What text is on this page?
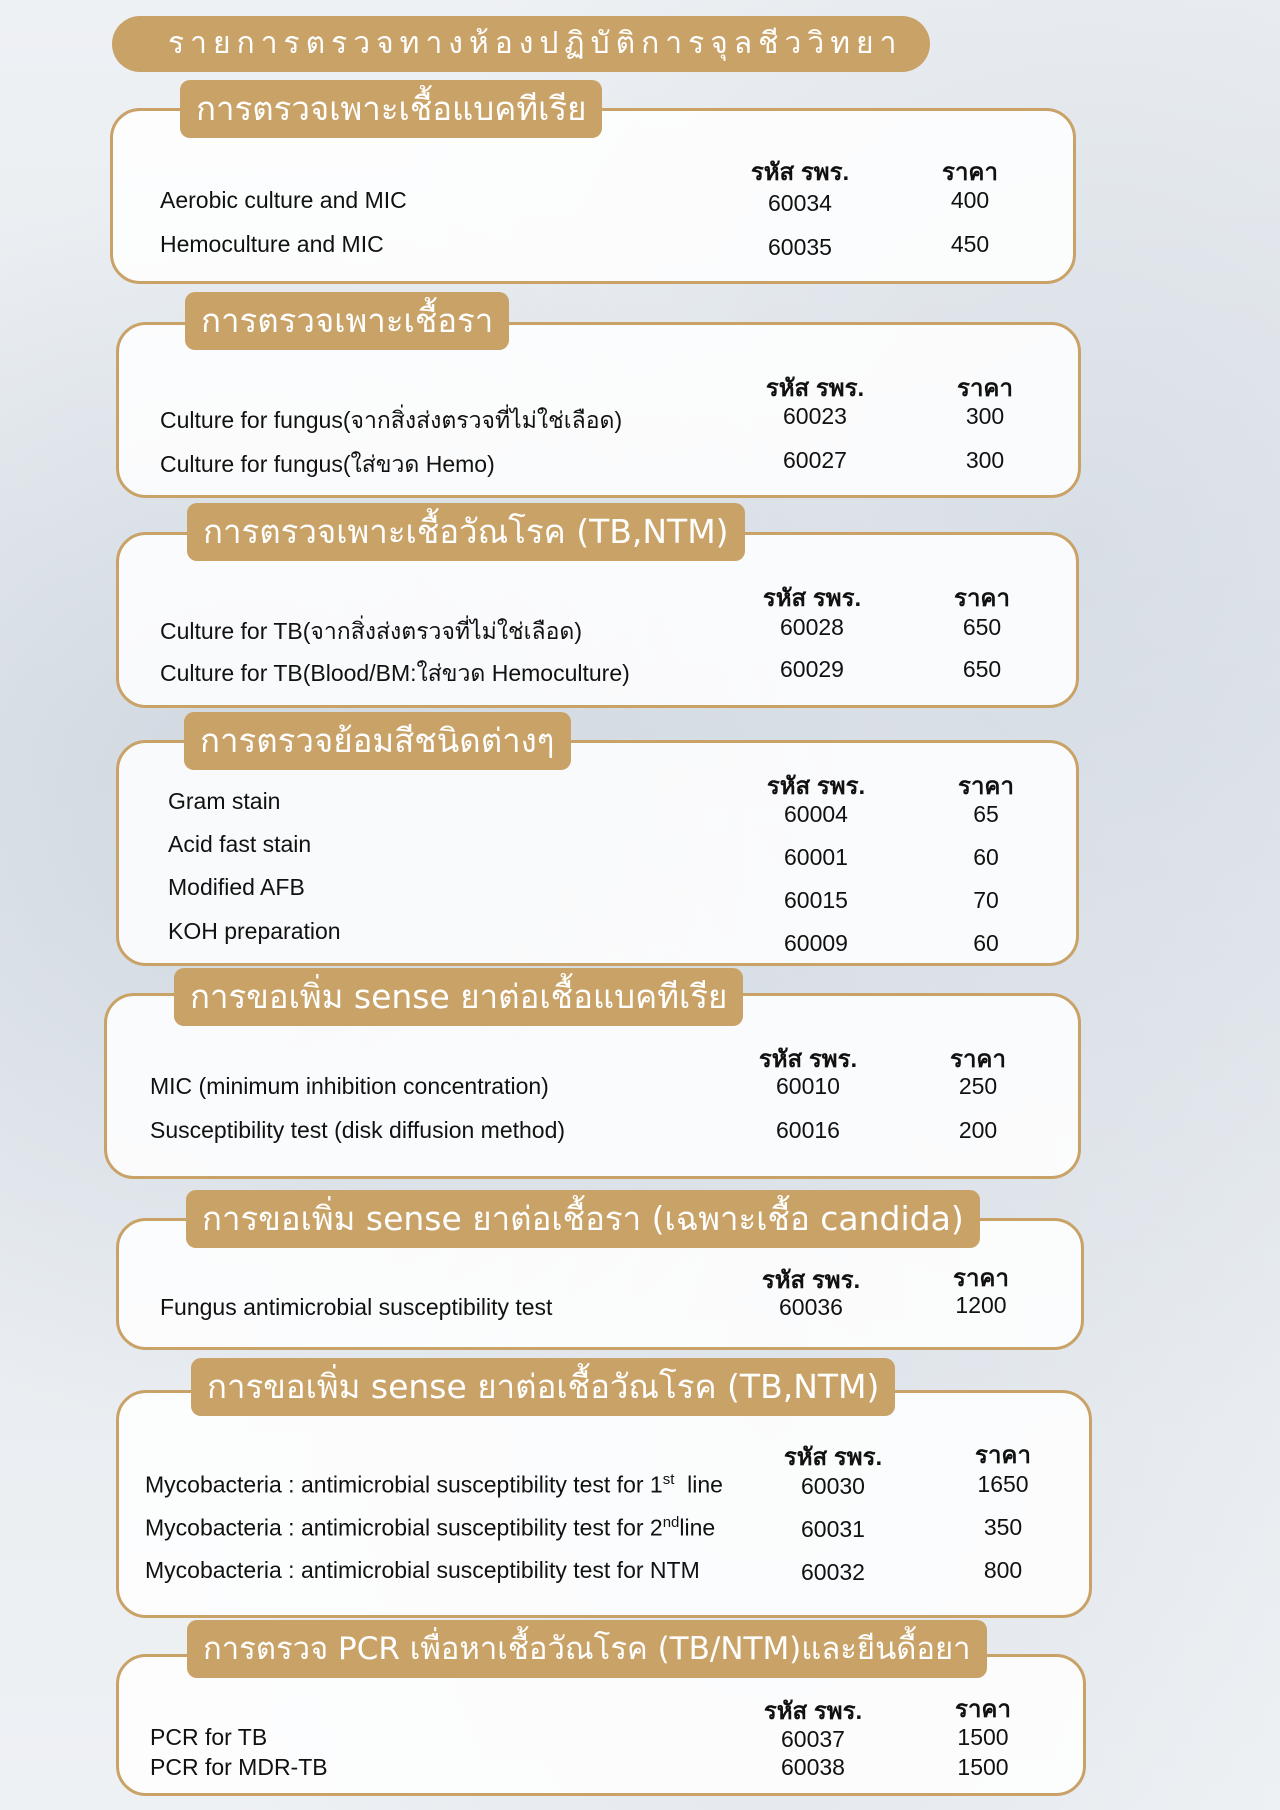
รายการตรวจทางห้องปฏิบัติการจุลชีววิทยา
การตรวจเพาะเชื้อแบคทีเรีย
รหัส รพร.	ราคา
Aerobic culture and MIC	60034	400
Hemoculture and MIC	60035	450
การตรวจเพาะเชื้อรา
รหัส รพร.	ราคา
Culture for fungus(จากสิ่งส่งตรวจที่ไม่ใช่เลือด)	60023	300
Culture for fungus(ใส่ขวด Hemo)	60027	300
การตรวจเพาะเชื้อวัณโรค (TB,NTM)
รหัส รพร.	ราคา
Culture for TB(จากสิ่งส่งตรวจที่ไม่ใช่เลือด)	60028	650
Culture for TB(Blood/BM:ใส่ขวด Hemoculture)	60029	650
การตรวจย้อมสีชนิดต่างๆ
รหัส รพร.	ราคา
Gram stain	60004	65
Acid fast stain	60001	60
Modified AFB	60015	70
KOH preparation	60009	60
การขอเพิ่ม sense ยาต่อเชื้อแบคทีเรีย
รหัส รพร.	ราคา
MIC (minimum inhibition concentration)	60010	250
Susceptibility test (disk diffusion method)	60016	200
การขอเพิ่ม sense ยาต่อเชื้อรา (เฉพาะเชื้อ candida)
รหัส รพร.	ราคา
Fungus antimicrobial susceptibility test	60036	1200
การขอเพิ่ม sense ยาต่อเชื้อวัณโรค (TB,NTM)
รหัส รพร.	ราคา
Mycobacteria : antimicrobial susceptibility test for 1st  line	60030	1650
Mycobacteria : antimicrobial susceptibility test for 2ndline	60031	350
Mycobacteria : antimicrobial susceptibility test for NTM	60032	800
การตรวจ PCR เพื่อหาเชื้อวัณโรค (TB/NTM)และยีนดื้อยา
รหัส รพร.	ราคา
PCR for TB	60037	1500
PCR for MDR-TB	60038	1500
